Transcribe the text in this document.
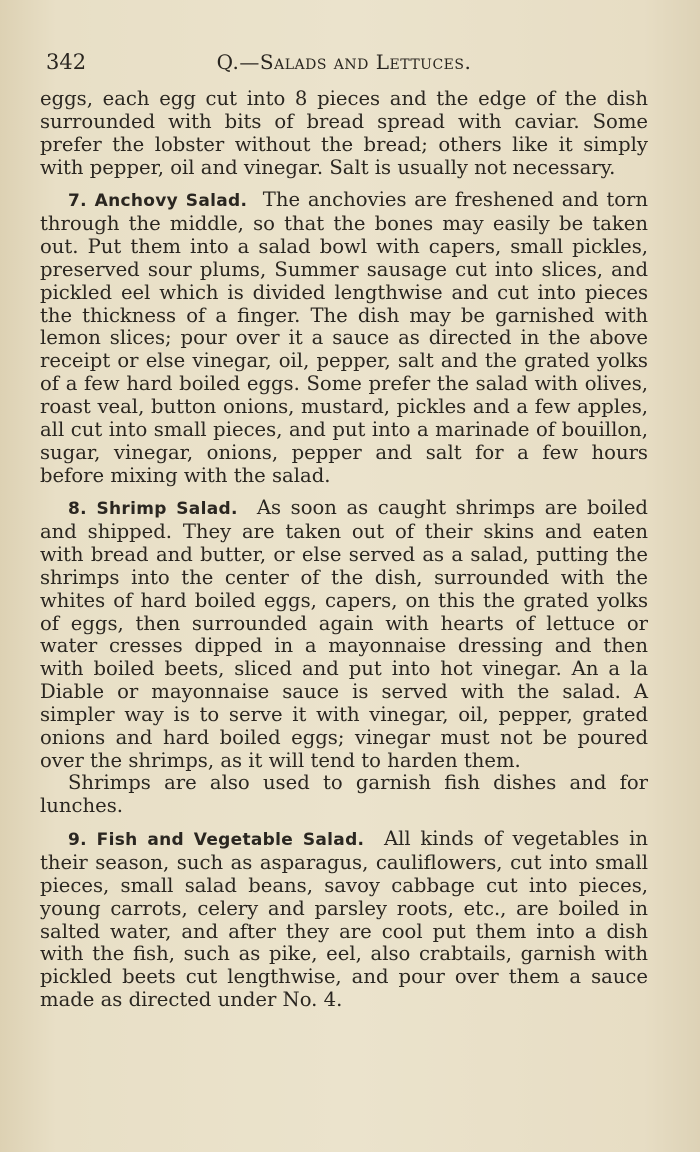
342	Q.—Salads and Lettuces.

eggs, each egg cut into 8 pieces and the edge of the dish surrounded with bits of bread spread with caviar. Some prefer the lobster without the bread; others like it simply with pepper, oil and vinegar. Salt is usually not necessary.

7. Anchovy Salad. The anchovies are freshened and torn through the middle, so that the bones may easily be taken out. Put them into a salad bowl with capers, small pickles, preserved sour plums, Summer sausage cut into slices, and pickled eel which is divided lengthwise and cut into pieces the thickness of a finger. The dish may be garnished with lemon slices; pour over it a sauce as directed in the above receipt or else vinegar, oil, pepper, salt and the grated yolks of a few hard boiled eggs. Some prefer the salad with olives, roast veal, button onions, mustard, pickles and a few apples, all cut into small pieces, and put into a marinade of bouillon, sugar, vinegar, onions, pepper and salt for a few hours before mixing with the salad.

8. Shrimp Salad. As soon as caught shrimps are boiled and shipped. They are taken out of their skins and eaten with bread and butter, or else served as a salad, putting the shrimps into the center of the dish, surrounded with the whites of hard boiled eggs, capers, on this the grated yolks of eggs, then surrounded again with hearts of lettuce or water cresses dipped in a mayonnaise dressing and then with boiled beets, sliced and put into hot vinegar. An a la Diable or mayonnaise sauce is served with the salad. A simpler way is to serve it with vinegar, oil, pepper, grated onions and hard boiled eggs; vinegar must not be poured over the shrimps, as it will tend to harden them.

Shrimps are also used to garnish fish dishes and for lunches.

9. Fish and Vegetable Salad. All kinds of vegetables in their season, such as asparagus, cauliflowers, cut into small pieces, small salad beans, savoy cabbage cut into pieces, young carrots, celery and parsley roots, etc., are boiled in salted water, and after they are cool put them into a dish with the fish, such as pike, eel, also crabtails, garnish with pickled beets cut lengthwise, and pour over them a sauce made as directed under No. 4.
